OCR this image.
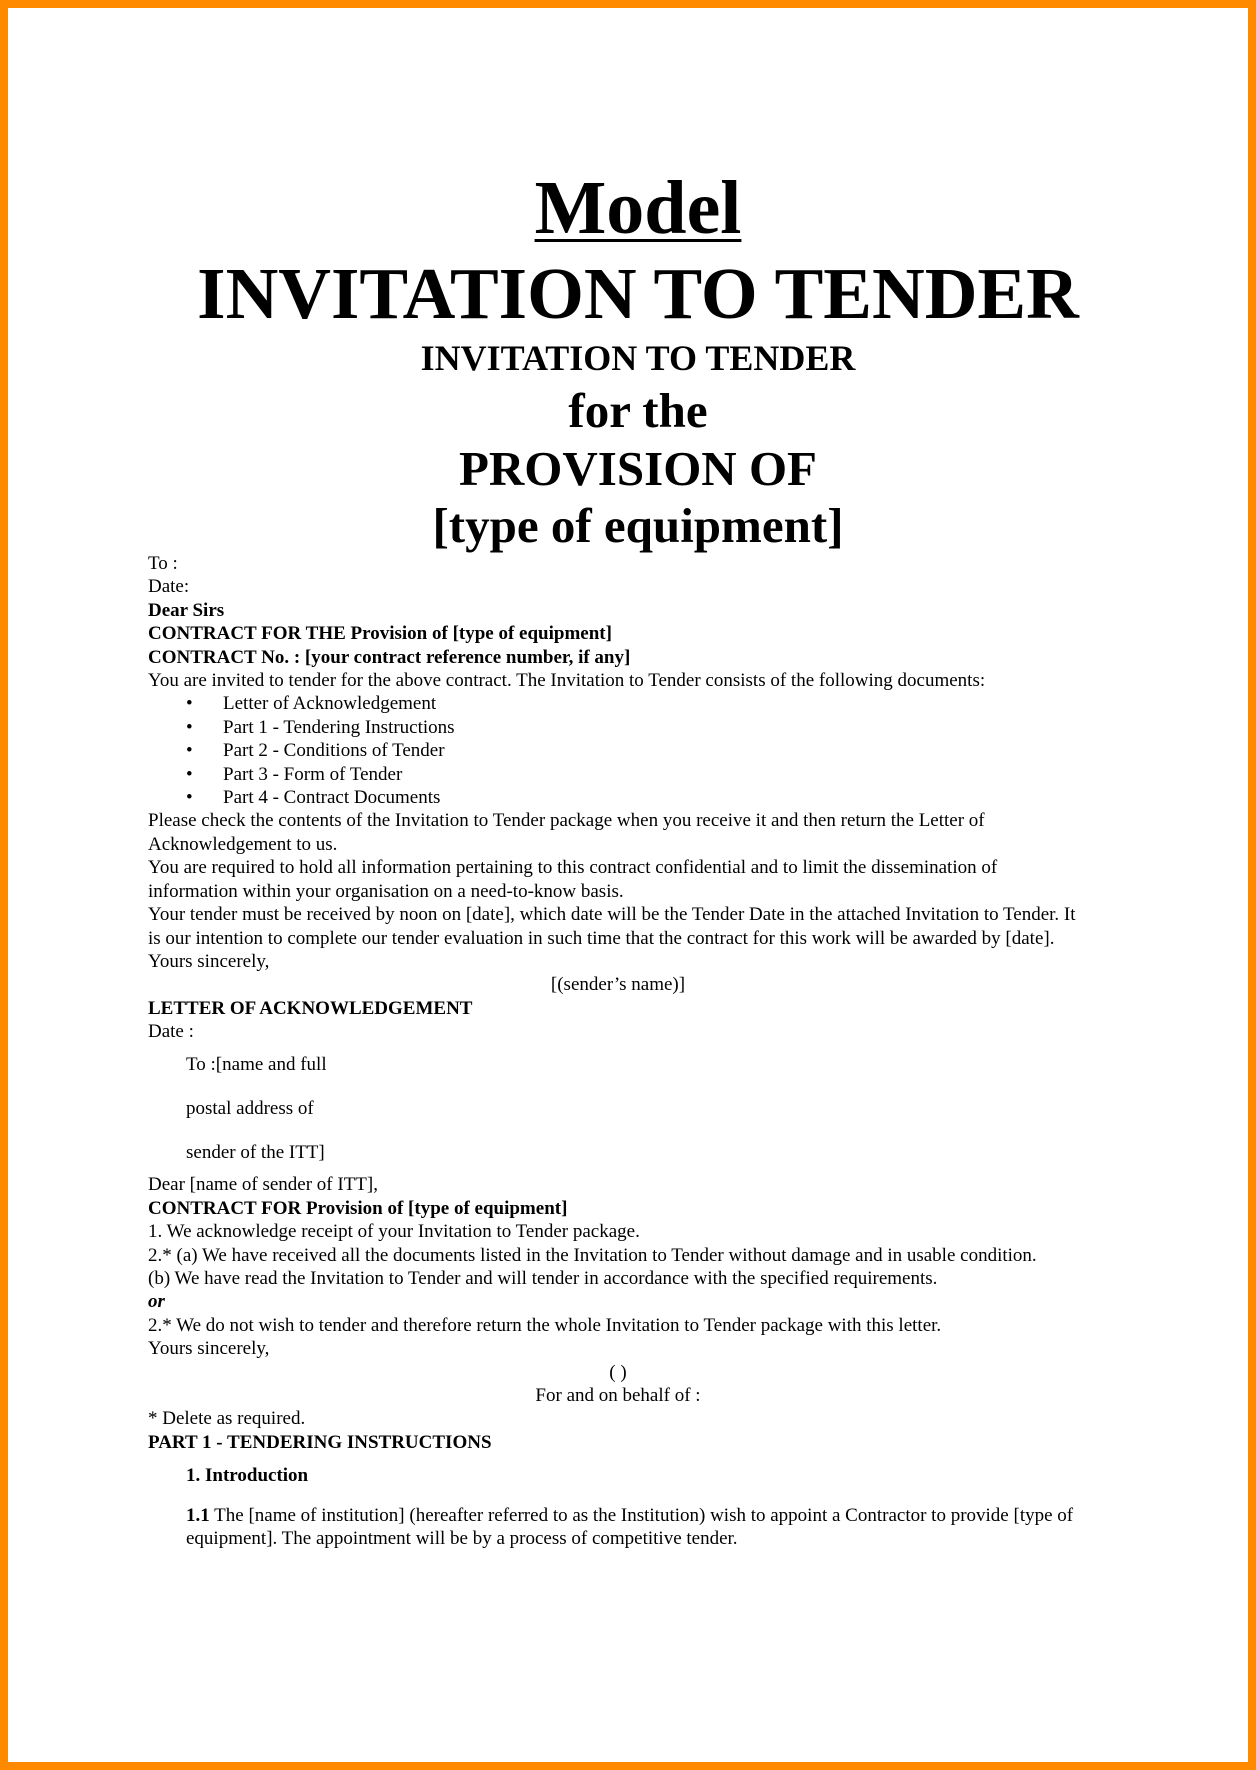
Model
INVITATION TO TENDER
INVITATION TO TENDER
for the
PROVISION OF
[type of equipment]

To :

Date:

Dear Sirs

CONTRACT FOR THE Provision of [type of equipment]

CONTRACT No. : [your contract reference number, if any]

You are invited to tender for the above contract. The Invitation to Tender consists of the following documents:

• Letter of Acknowledgement
• Part 1 - Tendering Instructions
• Part 2 - Conditions of Tender
• Part 3 - Form of Tender
• Part 4 - Contract Documents

Please check the contents of the Invitation to Tender package when you receive it and then return the Letter of Acknowledgement to us.

You are required to hold all information pertaining to this contract confidential and to limit the dissemination of information within your organisation on a need-to-know basis.

Your tender must be received by noon on [date], which date will be the Tender Date in the attached Invitation to Tender. It is our intention to complete our tender evaluation in such time that the contract for this work will be awarded by [date].

Yours sincerely,

[(sender’s name)]

LETTER OF ACKNOWLEDGEMENT

Date :

To :[name and full

postal address of

sender of the ITT]

Dear [name of sender of ITT],

CONTRACT FOR Provision of [type of equipment]

1. We acknowledge receipt of your Invitation to Tender package.

2.* (a) We have received all the documents listed in the Invitation to Tender without damage and in usable condition.

(b) We have read the Invitation to Tender and will tender in accordance with the specified requirements.

or

2.* We do not wish to tender and therefore return the whole Invitation to Tender package with this letter.

Yours sincerely,

( )

For and on behalf of :

* Delete as required.

PART 1 - TENDERING INSTRUCTIONS

1. Introduction

1.1 The [name of institution] (hereafter referred to as the Institution) wish to appoint a Contractor to provide [type of equipment]. The appointment will be by a process of competitive tender.
